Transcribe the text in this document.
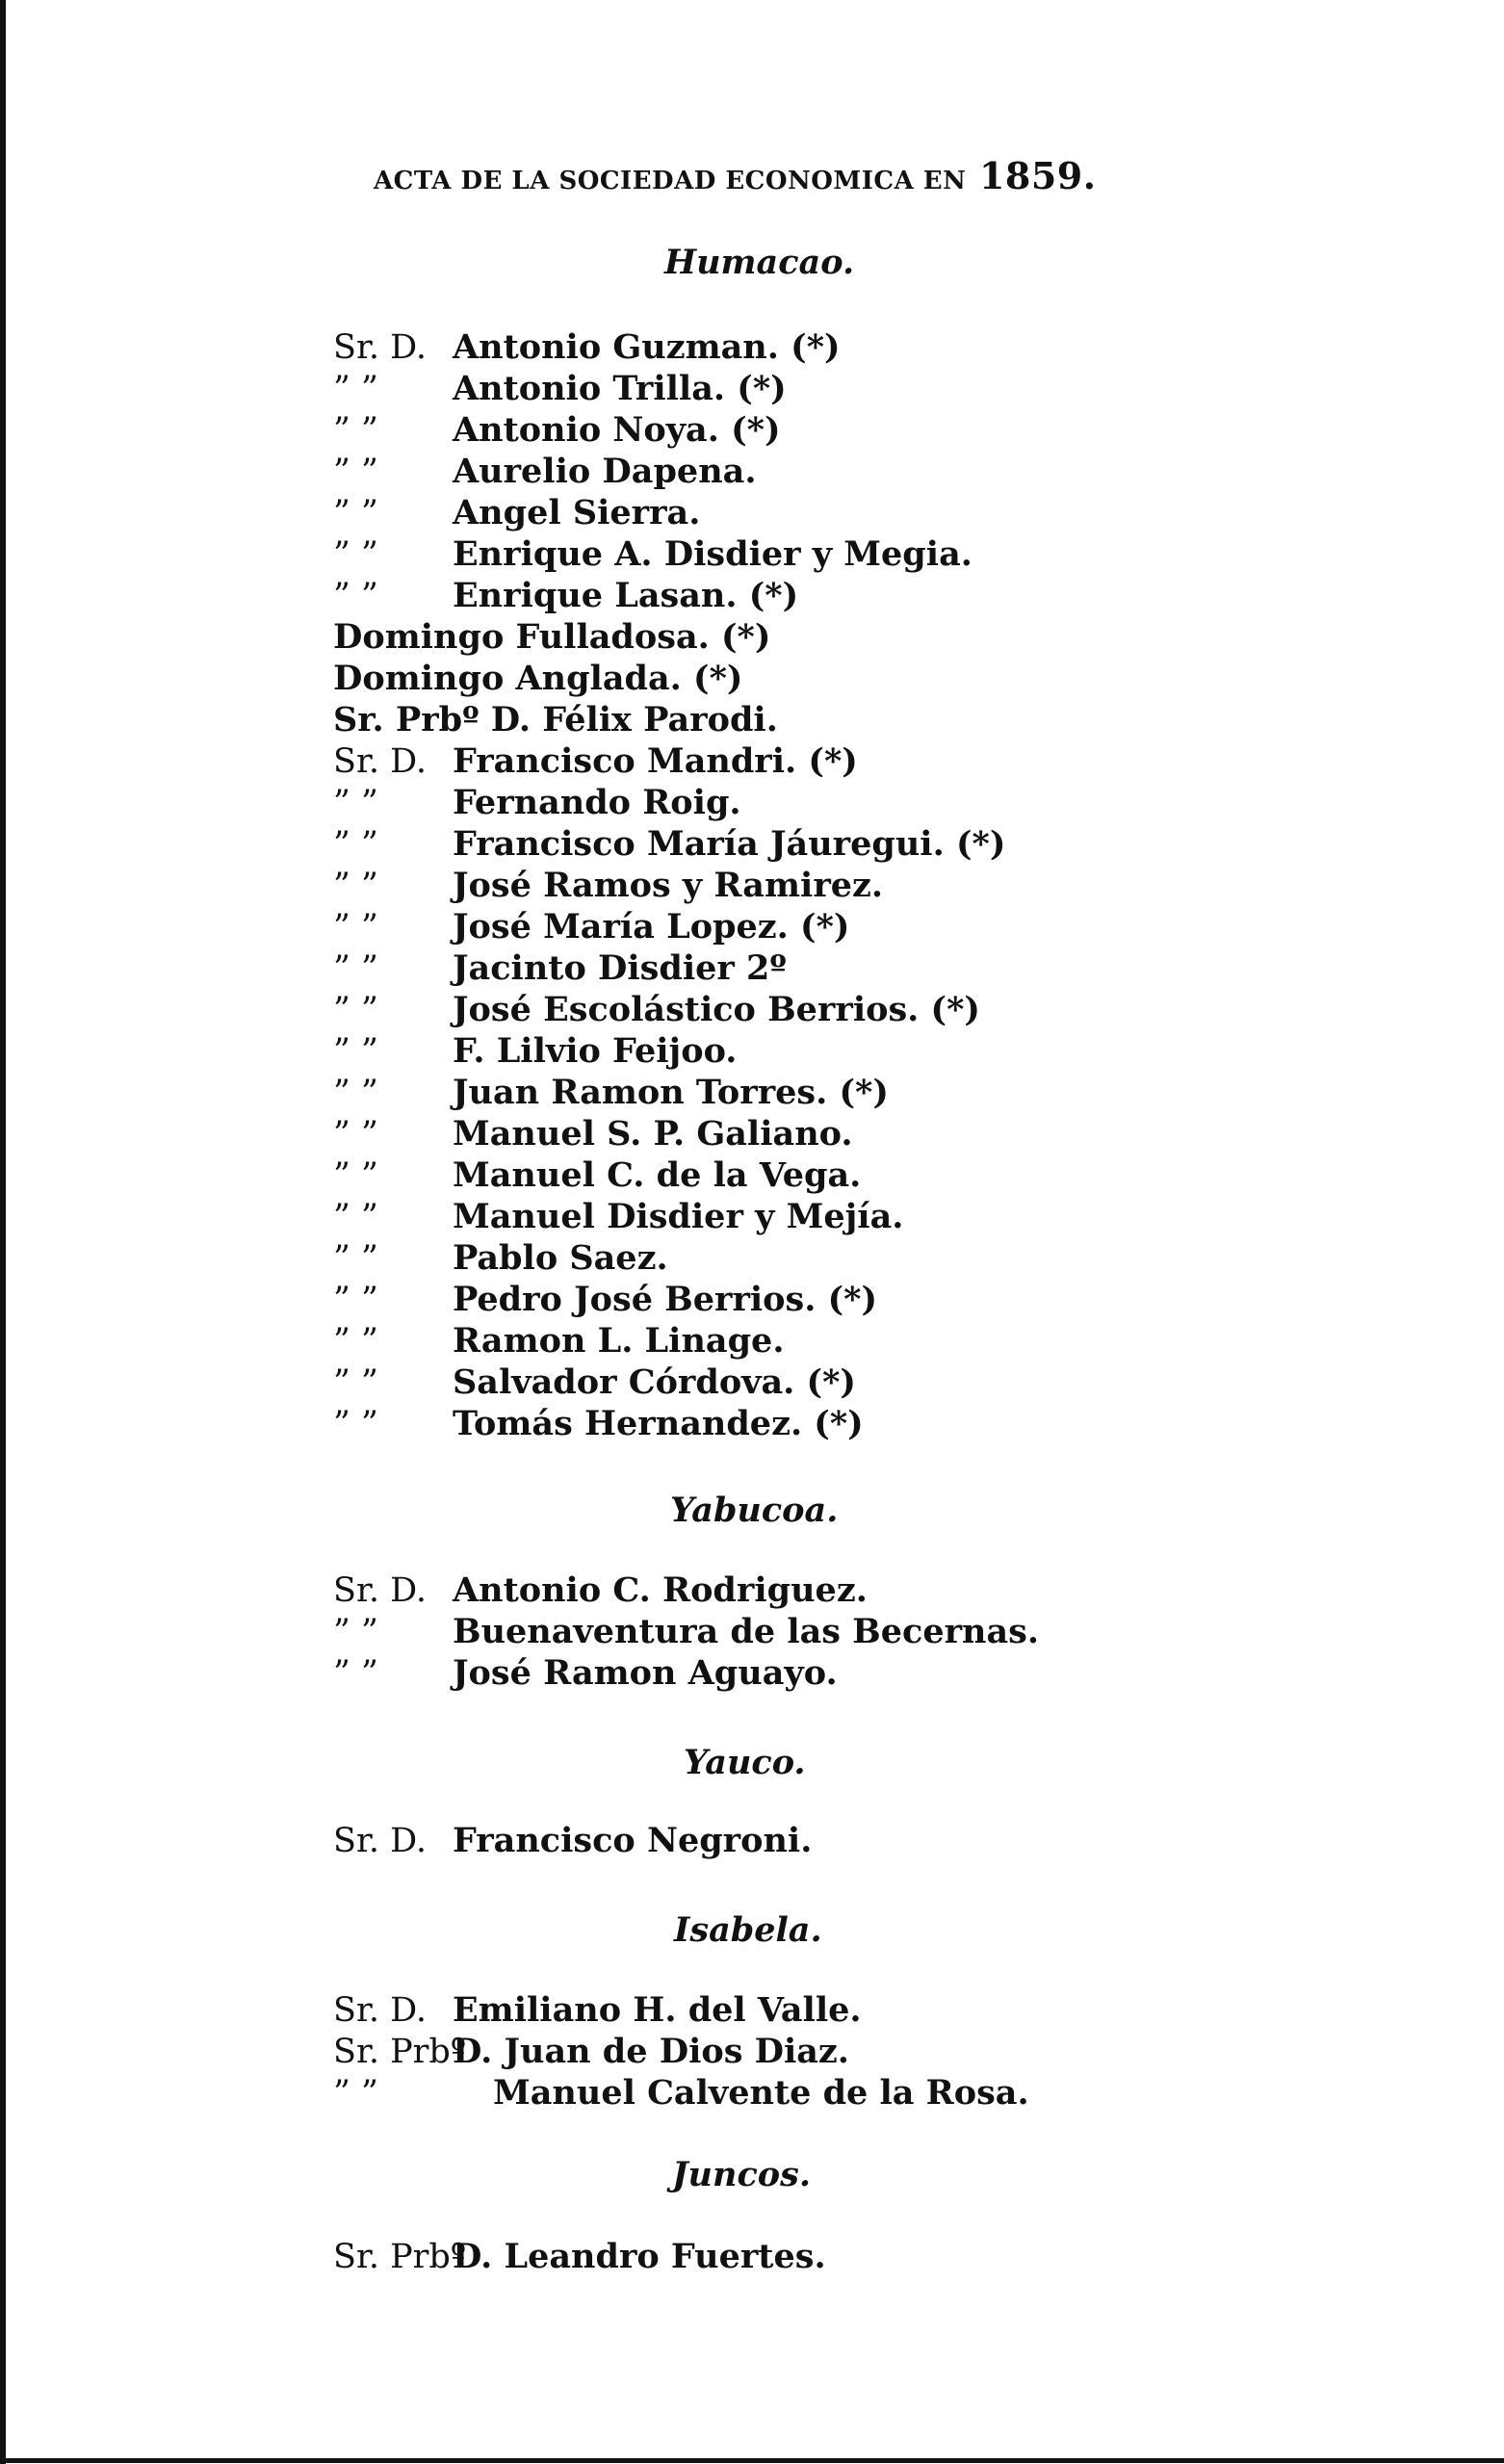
ACTA DE LA SOCIEDAD ECONOMICA EN 1859.
Humacao.
Sr. D. Antonio Guzman. (*)
” ” Antonio Trilla. (*)
” ” Antonio Noya. (*)
” ” Aurelio Dapena.
” ” Angel Sierra.
” ” Enrique A. Disdier y Megia.
” ” Enrique Lasan. (*)
Domingo Fulladosa. (*)
Domingo Anglada. (*)
Sr. Prbº D. Félix Parodi.
Sr. D. Francisco Mandri. (*)
” ” Fernando Roig.
” ” Francisco María Jáuregui. (*)
” ” José Ramos y Ramirez.
” ” José María Lopez. (*)
” ” Jacinto Disdier 2º
” ” José Escolástico Berrios. (*)
” ” F. Lilvio Feijoo.
” ” Juan Ramon Torres. (*)
” ” Manuel S. P. Galiano.
” ” Manuel C. de la Vega.
” ” Manuel Disdier y Mejía.
” ” Pablo Saez.
” ” Pedro José Berrios. (*)
” ” Ramon L. Linage.
” ” Salvador Córdova. (*)
” ” Tomás Hernandez. (*)
Yabucoa.
Sr. D. Antonio C. Rodriguez.
” ” Buenaventura de las Becernas.
” ” José Ramon Aguayo.
Yauco.
Sr. D. Francisco Negroni.
Isabela.
Sr. D. Emiliano H. del Valle.
Sr. PrbºD. Juan de Dios Diaz.
” ”	Manuel Calvente de la Rosa.
Juncos.
Sr. PrbºD. Leandro Fuertes.
